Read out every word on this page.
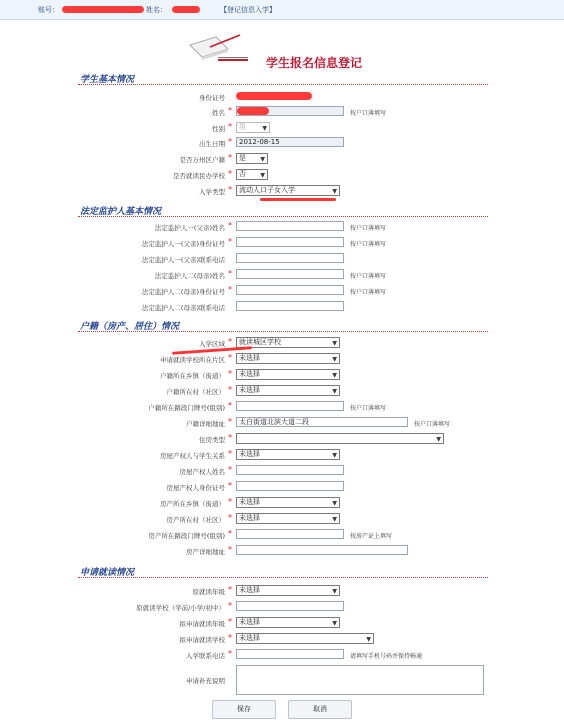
账号：	姓名：	【登记信息入学】
学生报名信息登记
学生基本情况
身份证号
姓名 *	按户口薄填写
性别 *	男	▼
出生日期 *	2012-08-15
是否万州区户籍 *	是 ▼
是否就读民办学校 *	否 ▼
入学类型 *	流动人口子女入学	▼
法定监护人基本情况
法定监护人一(父亲)姓名 *	按户口薄填写
法定监护人一(父亲)身份证号 *	按户口薄填写
法定监护人一(父亲)联系电话
法定监护人二(母亲)姓名 *	按户口薄填写
法定监护人二(母亲)身份证号 *	按户口薄填写
法定监护人二(母亲)联系电话
户籍（房产、居住）情况
入学区域 *	就读城区学校	▼
申请就读学校所在片区 *	未选择	▼
户籍所在乡镇（街道） *	未选择	▼
户籍所在村（社区） *	未选择	▼
户籍所在路段门牌号(组别) *	按户口薄填写
户籍详细地址 *	太白街道北滨大道二段	按户口薄填写
住房类型 *	▼
房屋产权人与学生关系 *	未选择	▼
房屋产权人姓名 *
房屋产权人身份证号 *
房产所在乡镇（街道） *	未选择	▼
房产所在村（社区） *	未选择	▼
房产所在路段门牌号(组别) *	按房产证上填写
房产详细地址 *
申请就读情况
原就读年级 *	未选择	▼
原就读学校（学前/小学/初中） *
拟申请就读年级 *	未选择	▼
拟申请就读学校 *	未选择	▼
入学联系电话 *	请填写手机号码并保持畅通
申请补充说明
保存	取消
